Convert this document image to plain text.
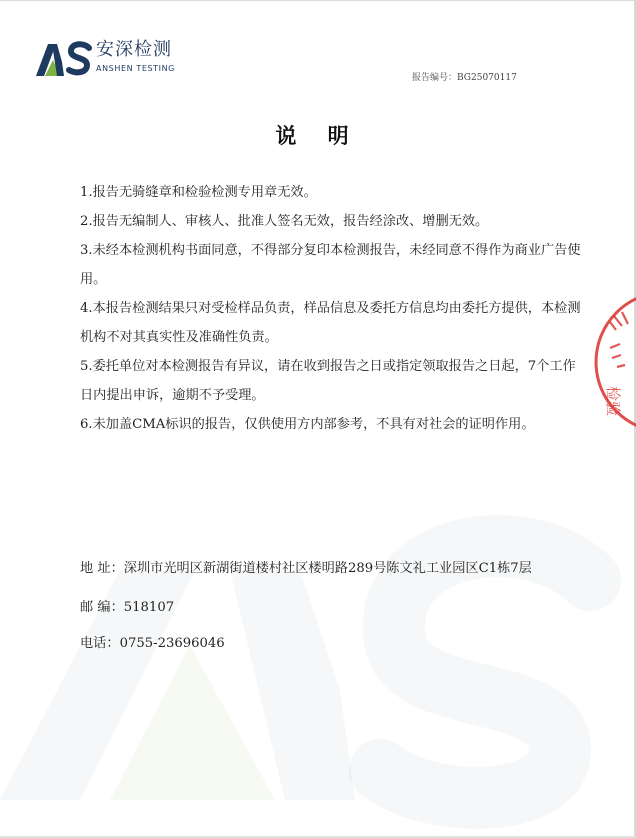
安深检测
ANSHEN TESTING
报告编号：BG25070117
说 明

1.报告无骑缝章和检验检测专用章无效。

2.报告无编制人、审核人、批准人签名无效，报告经涂改、增删无效。

3.未经本检测机构书面同意，不得部分复印本检测报告，未经同意不得作为商业广告使用。

4.本报告检测结果只对受检样品负责，样品信息及委托方信息均由委托方提供，本检测机构不对其真实性及准确性负责。

5.委托单位对本检测报告有异议，请在收到报告之日或指定领取报告之日起，7个工作日内提出申诉，逾期不予受理。

6.未加盖CMA标识的报告，仅供使用方内部参考，不具有对社会的证明作用。

检验
地 址：深圳市光明区新湖街道楼村社区楼明路289号陈文礼工业园区C1栋7层
邮 编：518107
电话：0755-23696046
